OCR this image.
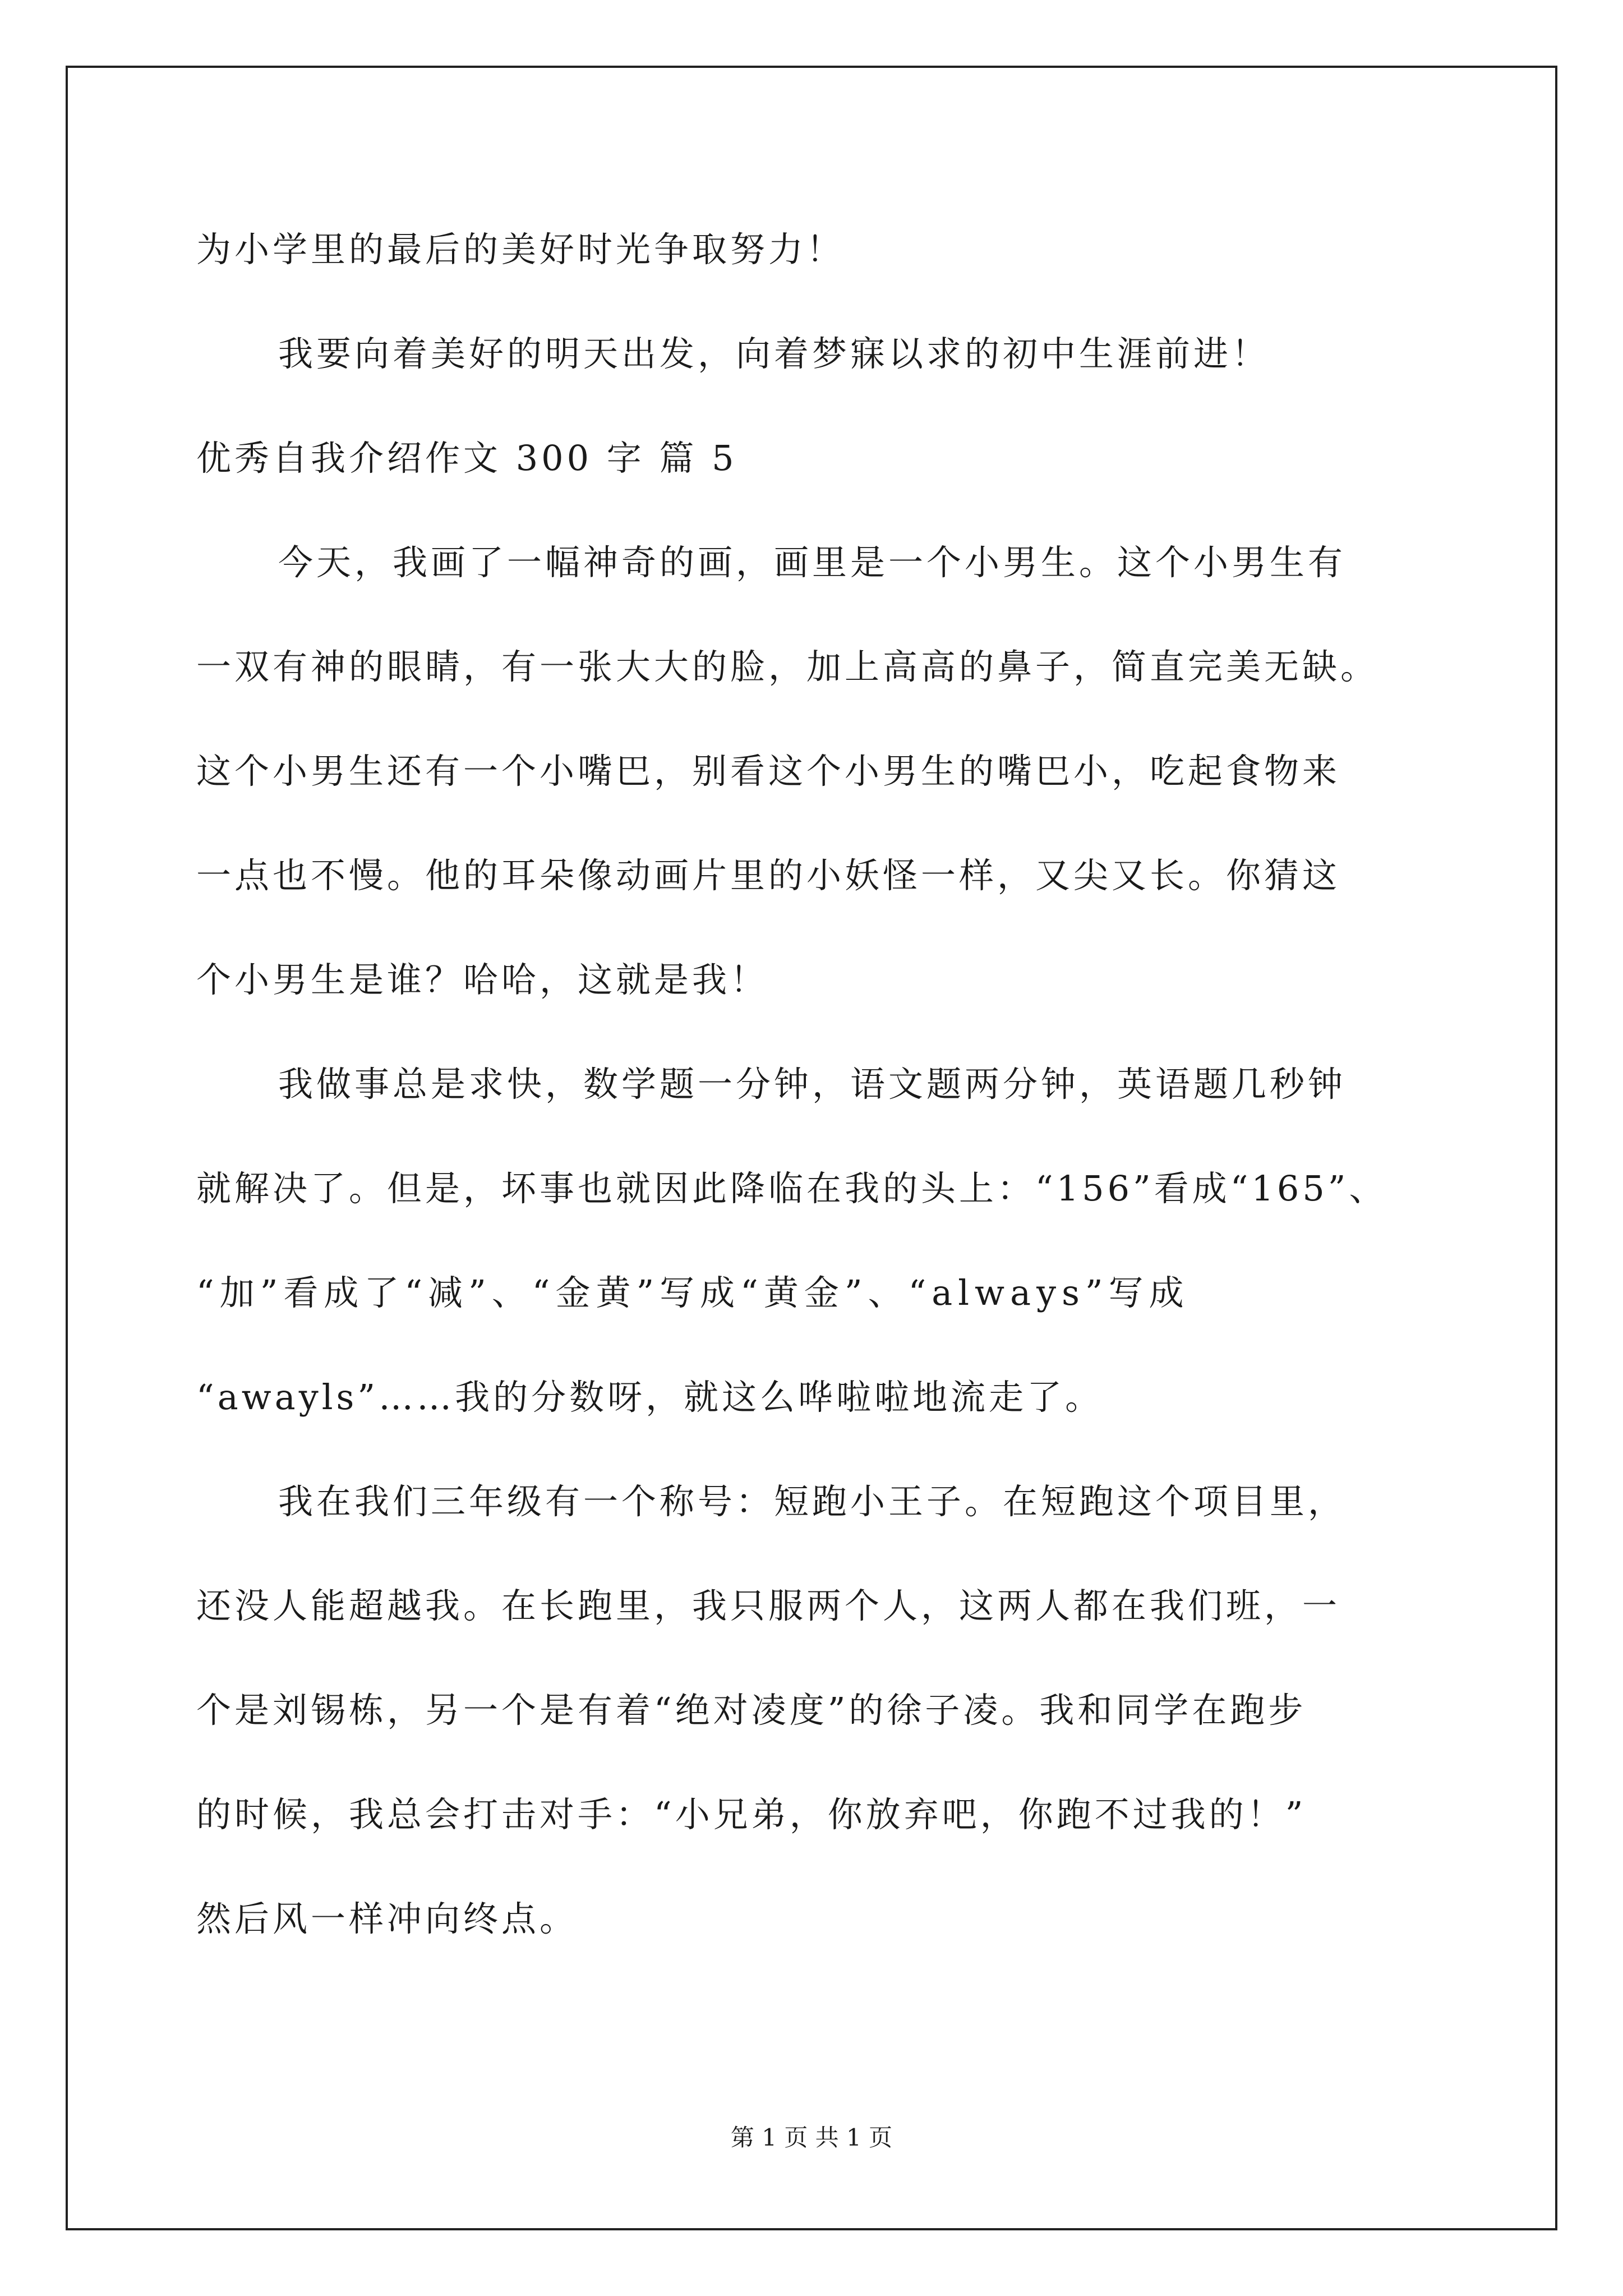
为小学里的最后的美好时光争取努力！
我要向着美好的明天出发，向着梦寐以求的初中生涯前进！
优秀自我介绍作文 300 字 篇 5
今天，我画了一幅神奇的画，画里是一个小男生。这个小男生有
一双有神的眼睛，有一张大大的脸，加上高高的鼻子，简直完美无缺。
这个小男生还有一个小嘴巴，别看这个小男生的嘴巴小，吃起食物来
一点也不慢。他的耳朵像动画片里的小妖怪一样，又尖又长。你猜这
个小男生是谁？哈哈，这就是我！
我做事总是求快，数学题一分钟，语文题两分钟，英语题几秒钟
就解决了。但是，坏事也就因此降临在我的头上：“156”看成“165”、
“加”看成了“减”、“金黄”写成“黄金”、“always”写成
“awayls”……我的分数呀，就这么哗啦啦地流走了。
我在我们三年级有一个称号：短跑小王子。在短跑这个项目里，
还没人能超越我。在长跑里，我只服两个人，这两人都在我们班，一
个是刘锡栋，另一个是有着“绝对凌度”的徐子凌。我和同学在跑步
的时候，我总会打击对手：“小兄弟，你放弃吧，你跑不过我的！”
然后风一样冲向终点。
第 1 页 共 1 页
